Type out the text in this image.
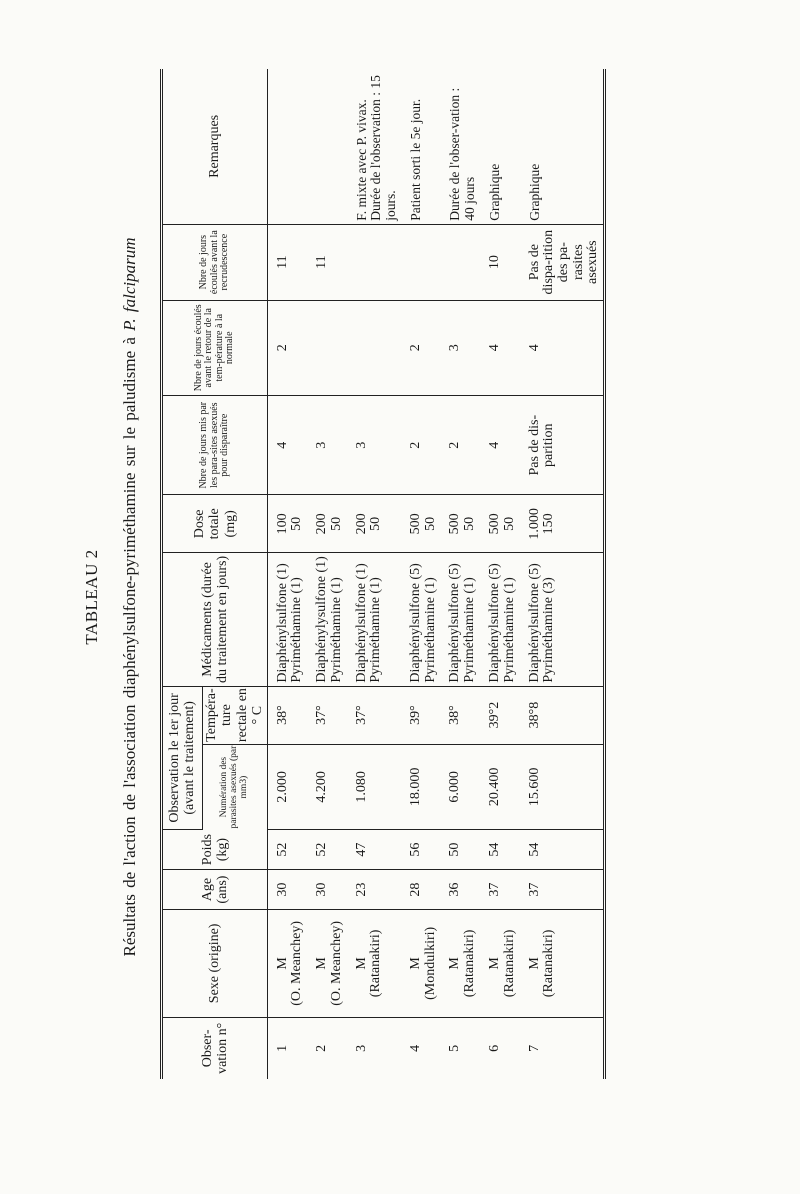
TABLEAU 2 Résultats de l'action de l'association diaphénylsulfone-pyriméthamine sur le paludisme à P. falciparum
Obser-vation n°	Sexe (origine)	Age (ans)	Poids (kg)	Observation le 1er jour (avant le traitement)		Médicaments (durée du traitement en jours)	Dose totale (mg)	Nbre de jours mis par les para-sites asexués pour disparaître	Nbre de jours écoulés avant le retour de la tem-pérature à la normale	Nbre de jours écoulés avant la recrudescence	Remarques
				Numération des parasites asexués (par mm3)	Tempéra-ture rectale en ° C						
1	M (O. Meanchey)	30	52	2.000	38°	Diaphénylsulfone (1) Pyriméthamine (1)	100 50	4	2	11	
2	M (O. Meanchey)	30	52	4.200	37°	Diaphénylysulfone (1) Pyriméthamine (1)	200 50	3		11	
3	M (Ratanakiri)	23	47	1.080	37°	Diaphénylsulfone (1) Pyriméthamine (1)	200 50	3			F. mixte avec P. vivax. Durée de l'observation : 15 jours.
4	M (Mondulkiri)	28	56	18.000	39°	Diaphénylsulfone (5) Pyriméthamine (1)	500 50	2	2		Patient sorti le 5e jour.
5	M (Ratanakiri)	36	50	6.000	38°	Diaphénylsulfone (5) Pyriméthamine (1)	500 50	2	3		Durée de l'obser-vation : 40 jours
6	M (Ratanakiri)	37	54	20.400	39°2	Diaphénylsulfone (5) Pyriméthamine (1)	500 50	4	4	10	Graphique
7	M (Ratanakiri)	37	54	15.600	38°8	Diaphénylsulfone (5) Pyriméthamine (3)	1.000 150	Pas de dis-parition	4	Pas de dispa-rition des pa-rasites asexués	Graphique
